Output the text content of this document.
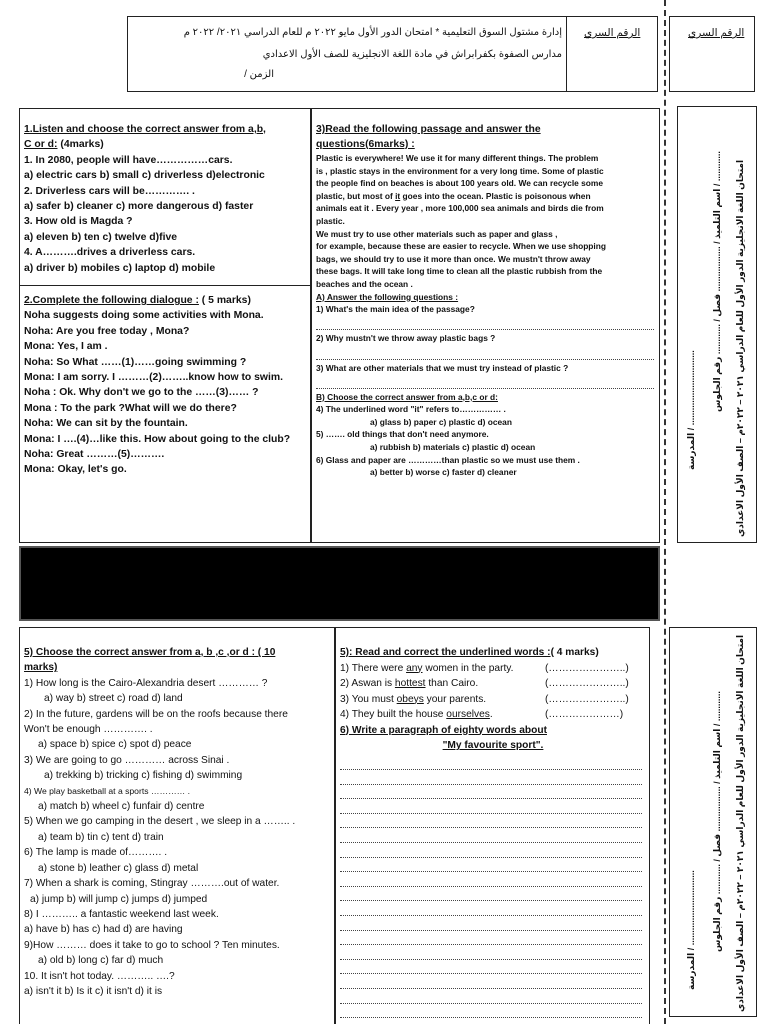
الرقم السري
إدارة مشتول السوق التعليمية * امتحان الدور الأول مايو ٢٠٢٢ م للعام الدراسي ٢٠٢١/ ٢٠٢٢ م
مدارس الصفوة بكفرابراش في مادة اللغة الانجليزية للصف الأول الاعدادي
الزمن /
الرقم السري
امتحان اللغة الانجليزية الدور الأول للعام الدراسي ٢٠٢١ – ٢٠٢٢م – الصف الأول الاعدادي
اسم التلميذ / .................. فصل / ............ رقم الجلوس / ............
المدرسة / ..............................
امتحان اللغة الانجليزية الدور الأول للعام الدراسي ٢٠٢١ – ٢٠٢٢م – الصف الأول الاعدادي
اسم التلميذ / .................. فصل / ............ رقم الجلوس / ............
المدرسة / ..............................

1.Listen and choose the correct answer from a,b,

C or d: (4marks)

1. In 2080, people will have……………cars.

a) electric cars b) small c) driverless d)electronic

2. Driverless cars will be…………. .

a) safer b) cleaner c) more dangerous d) faster

3. How old is Magda ?

a) eleven b) ten c) twelve d)five

4. A……….drives a driverless cars.

a) driver b) mobiles c) laptop d) mobile

2.Complete the following dialogue : ( 5 marks)

Noha suggests doing some activities with Mona.

Noha: Are you free today , Mona?

Mona: Yes, I am .

Noha: So What ……(1)……going swimming ?

Mona: I am sorry. I ………(2)……..know how to swim.

Noha : Ok. Why don't we go to the ……(3)…… ?

Mona : To the park ?What will we do there?

Noha: We can sit by the fountain.

Mona: I ….(4)…like this. How about going to the club?

Noha: Great ………(5)……….

Mona: Okay, let's go.

3)Read the following passage and answer the

questions(6marks) :

Plastic is everywhere! We use it for many different things. The problem

is , plastic stays in the environment for a very long time. Some of plastic

the people find on beaches is about 100 years old. We can recycle some

plastic, but most of it goes into the ocean. Plastic is poisonous when

animals eat it . Every year , more 100,000 sea animals and birds die from

plastic.

We must try to use other materials such as paper and glass ,

for example, because these are easier to recycle. When we use shopping

bags, we should try to use it more than once. We mustn't throw away

these bags. It will take long time to clean all the plastic rubbish from the

beaches and the ocean .

A) Answer the following questions :

1) What's the main idea of the passage?

2) Why mustn't we throw away plastic bags ?

3) What are other materials that we must try instead of plastic ?

B) Choose the correct answer from a,b,c or d:

4) The underlined word "it" refers to…………… .

a) glass b) paper c) plastic d) ocean

5) ……. old things that don't need anymore.

a) rubbish b) materials c) plastic d) ocean

6) Glass and paper are …………than plastic so we must use them .

a) better b) worse c) faster d) cleaner

5) Choose the correct answer from a, b ,c ,or d : ( 10

marks)

1) How long is the Cairo-Alexandria desert ………… ?

a) way b) street c) road d) land

2) In the future, gardens will be on the roofs because there

Won't be enough …………. .

a) space b) spice c) spot d) peace

3) We are going to go ………… across Sinai .

a) trekking b) tricking c) fishing d) swimming

4) We play basketball at a sports ………… .

a) match b) wheel c) funfair d) centre

5) When we go camping in the desert , we sleep in a …….. .

a) team b) tin c) tent d) train

6) The lamp is made of………. .

a) stone b) leather c) glass d) metal

7) When a shark is coming, Stingray ……….out of water.

a) jump b) will jump c) jumps d) jumped

8) I ……….. a fantastic weekend last week.

a) have b) has c) had d) are having

9)How ……… does it take to go to school ? Ten minutes.

a) old b) long c) far d) much

10. It isn't hot today. ……….. ….?

a) isn't it b) Is it c) it isn't d) it is

5): Read and correct the underlined words :( 4 marks)

1) There were any women in the party.	(…………………..)

2) Aswan is hottest than Cairo.	(…………………..)

3) You must obeys your parents.	(…………………..)

4) They built the house ourselves.	(…………………)

6) Write a paragraph of eighty words about

"My favourite sport".
